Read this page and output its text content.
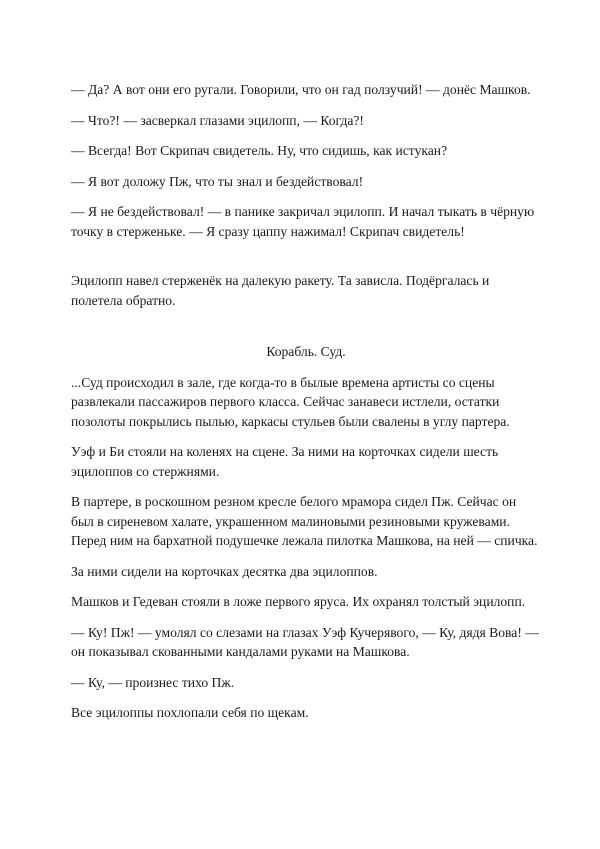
— Да? А вот они его ругали. Говорили, что он гад ползучий! — донёс Машков.

— Что?! — засверкал глазами эцилопп, — Когда?!

— Всегда! Вот Скрипач свидетель. Ну, что сидишь, как истукан?

— Я вот доложу Пж, что ты знал и бездействовал!

— Я не бездействовал! — в панике закричал эцилопп. И начал тыкать в чёрную точку в стерженьке. — Я сразу цаппу нажимал! Скрипач свидетель!

Эцилопп навел стерженёк на далекую ракету. Та зависла. Подёргалась и полетела обратно.

Корабль. Суд.

...Суд происходил в зале, где когда-то в былые времена артисты со сцены развлекали пассажиров первого класса. Сейчас занавеси истлели, остатки позолоты покрылись пылью, каркасы стульев были свалены в углу партера.

Уэф и Би стояли на коленях на сцене. За ними на корточках сидели шесть эцилоппов со стержнями.

В партере, в роскошном резном кресле белого мрамора сидел Пж. Сейчас он был в сиреневом халате, украшенном малиновыми резиновыми кружевами. Перед ним на бархатной подушечке лежала пилотка Машкова, на ней — спичка.

За ними сидели на корточках десятка два эцилоппов.

Машков и Гедеван стояли в ложе первого яруса. Их охранял толстый эцилопп.

— Ку! Пж! — умолял со слезами на глазах Уэф Кучерявого, — Ку, дядя Вова! — он показывал скованными кандалами руками на Машкова.

— Ку, — произнес тихо Пж.

Все эцилоппы похлопали себя по щекам.
